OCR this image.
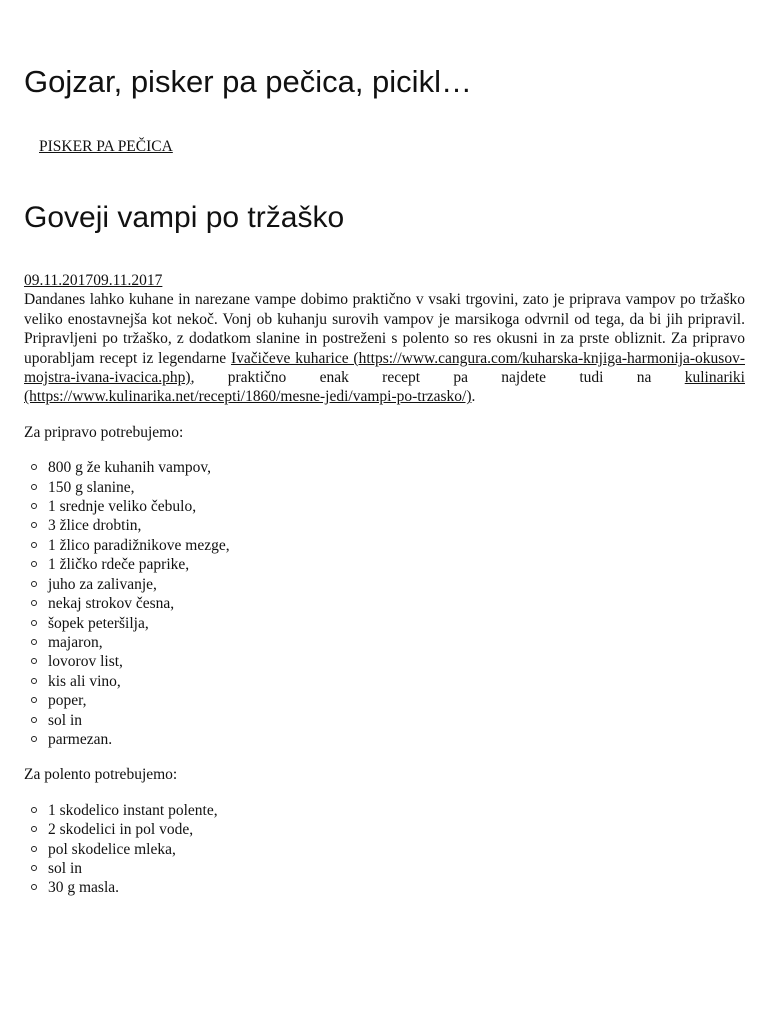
Gojzar, pisker pa pečica, picikl…
PISKER PA PEČICA
Goveji vampi po tržaško
09.11.201709.11.2017

Dandanes lahko kuhane in narezane vampe dobimo praktično v vsaki trgovini, zato je priprava vampov po tržaško veliko enostavnejša kot nekoč. Vonj ob kuhanju surovih vampov je marsikoga odvrnil od tega, da bi jih pripravil. Pripravljeni po tržaško, z dodatkom slanine in postreženi s polento so res okusni in za prste obliznit. Za pripravo uporabljam recept iz legendarne Ivačičeve kuharice (https://www.cangura.com/kuharska-knjiga-harmonija-okusov-mojstra-ivana-ivacica.php), praktično enak recept pa najdete tudi na kulinariki (https://www.kulinarika.net/recepti/1860/mesne-jedi/vampi-po-trzasko/).

Za pripravo potrebujemo:

800 g že kuhanih vampov,
150 g slanine,
1 srednje veliko čebulo,
3 žlice drobtin,
1 žlico paradižnikove mezge,
1 žličko rdeče paprike,
juho za zalivanje,
nekaj strokov česna,
šopek peteršilja,
majaron,
lovorov list,
kis ali vino,
poper,
sol in
parmezan.

Za polento potrebujemo:

1 skodelico instant polente,
2 skodelici in pol vode,
pol skodelice mleka,
sol in
30 g masla.
